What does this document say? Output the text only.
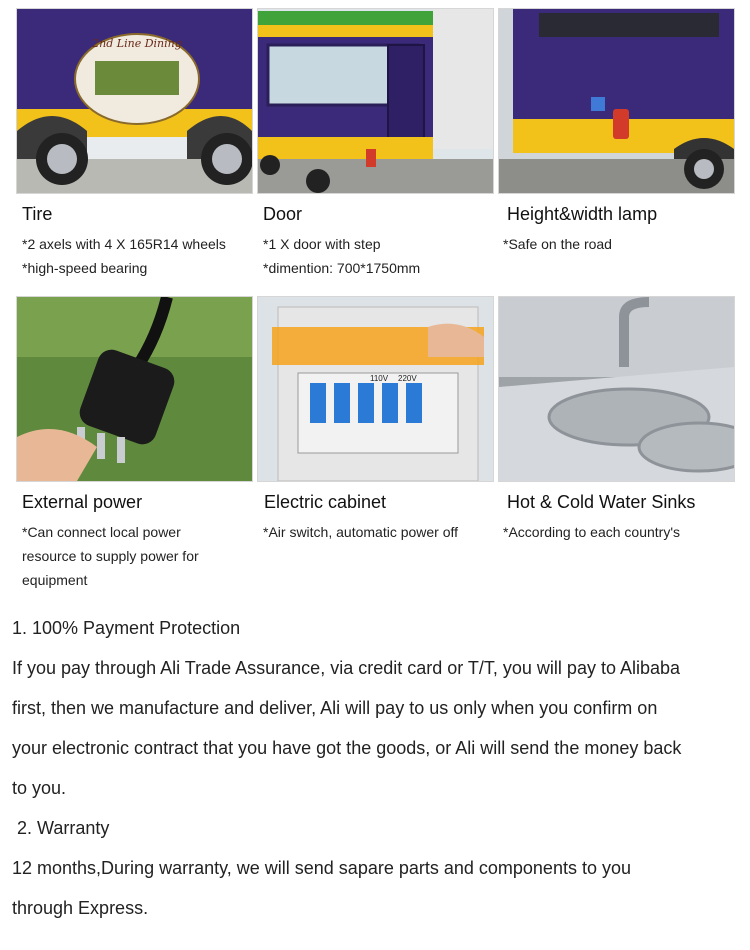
2nd Line Dining
Tire
*2 axels with 4 X 165R14 wheels
*high-speed bearing
Door
*1 X door with step
*dimention: 700*1750mm
Height&width lamp
*Safe on the road
110V 220V
External power
*Can connect local power
resource to supply power for
equipment
Electric cabinet
*Air switch, automatic power off
Hot & Cold Water Sinks
*According to each country's
1. 100% Payment Protection
If you pay through Ali Trade Assurance, via credit card or T/T, you will pay to Alibaba
first, then we manufacture and deliver, Ali will pay to us only when you confirm on
your electronic contract that you have got the goods, or Ali will send the money back
to you.
2. Warranty
12 months,During warranty, we will send sapare parts and components to you
through Express.
